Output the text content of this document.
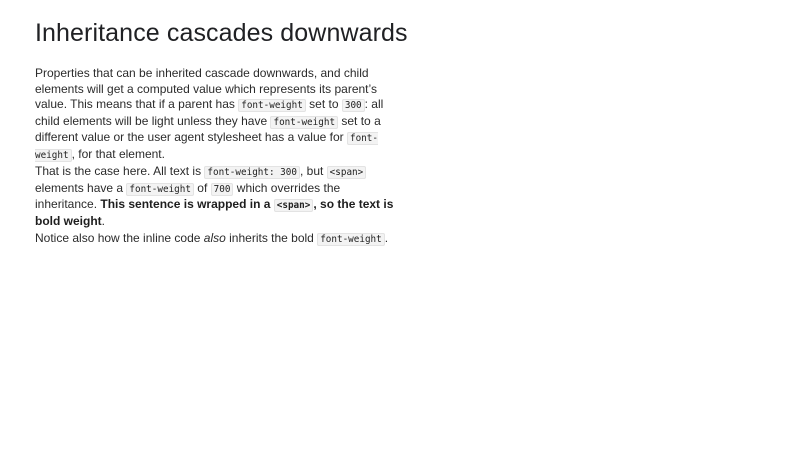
Inheritance cascades downwards

Properties that can be inherited cascade downwards, and child elements will get a computed value which represents its parent’s value. This means that if a parent has font-weight set to 300 : all child elements will be light unless they have font-weight set to a different value or the user agent stylesheet has a value for font-weight , for that element.

That is the case here. All text is font-weight: 300 , but <span> elements have a font-weight of 700 which overrides the inheritance. This sentence is wrapped in a <span> , so the text is bold weight.

Notice also how the inline code also inherits the bold font-weight .
